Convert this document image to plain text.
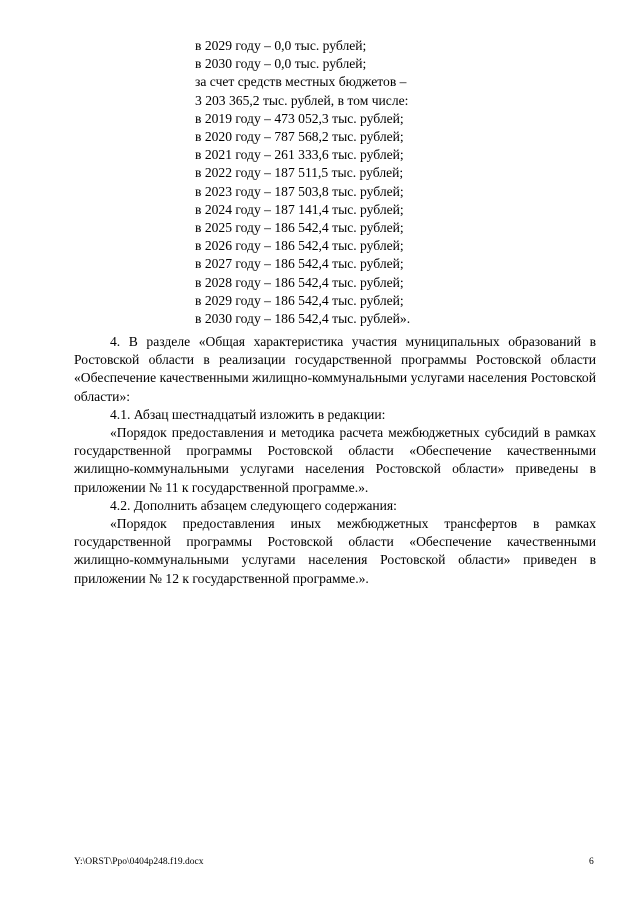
в 2029 году – 0,0 тыс. рублей;
в 2030 году – 0,0 тыс. рублей;
за счет средств местных бюджетов –
3 203 365,2 тыс. рублей, в том числе:
в 2019 году – 473 052,3 тыс. рублей;
в 2020 году – 787 568,2 тыс. рублей;
в 2021 году – 261 333,6 тыс. рублей;
в 2022 году – 187 511,5 тыс. рублей;
в 2023 году – 187 503,8 тыс. рублей;
в 2024 году – 187 141,4 тыс. рублей;
в 2025 году – 186 542,4 тыс. рублей;
в 2026 году – 186 542,4 тыс. рублей;
в 2027 году – 186 542,4 тыс. рублей;
в 2028 году – 186 542,4 тыс. рублей;
в 2029 году – 186 542,4 тыс. рублей;
в 2030 году – 186 542,4 тыс. рублей».

4. В разделе «Общая характеристика участия муниципальных образований в Ростовской области в реализации государственной программы Ростовской области «Обеспечение качественными жилищно-коммунальными услугами населения Ростовской области»:

4.1. Абзац шестнадцатый изложить в редакции:

«Порядок предоставления и методика расчета межбюджетных субсидий в рамках государственной программы Ростовской области «Обеспечение качественными жилищно-коммунальными услугами населения Ростовской области» приведены в приложении № 11 к государственной программе.».

4.2. Дополнить абзацем следующего содержания:

«Порядок предоставления иных межбюджетных трансфертов в рамках государственной программы Ростовской области «Обеспечение качественными жилищно-коммунальными услугами населения Ростовской области» приведен в приложении № 12 к государственной программе.».

Y:\ORST\Ppo\0404p248.f19.docx	6
